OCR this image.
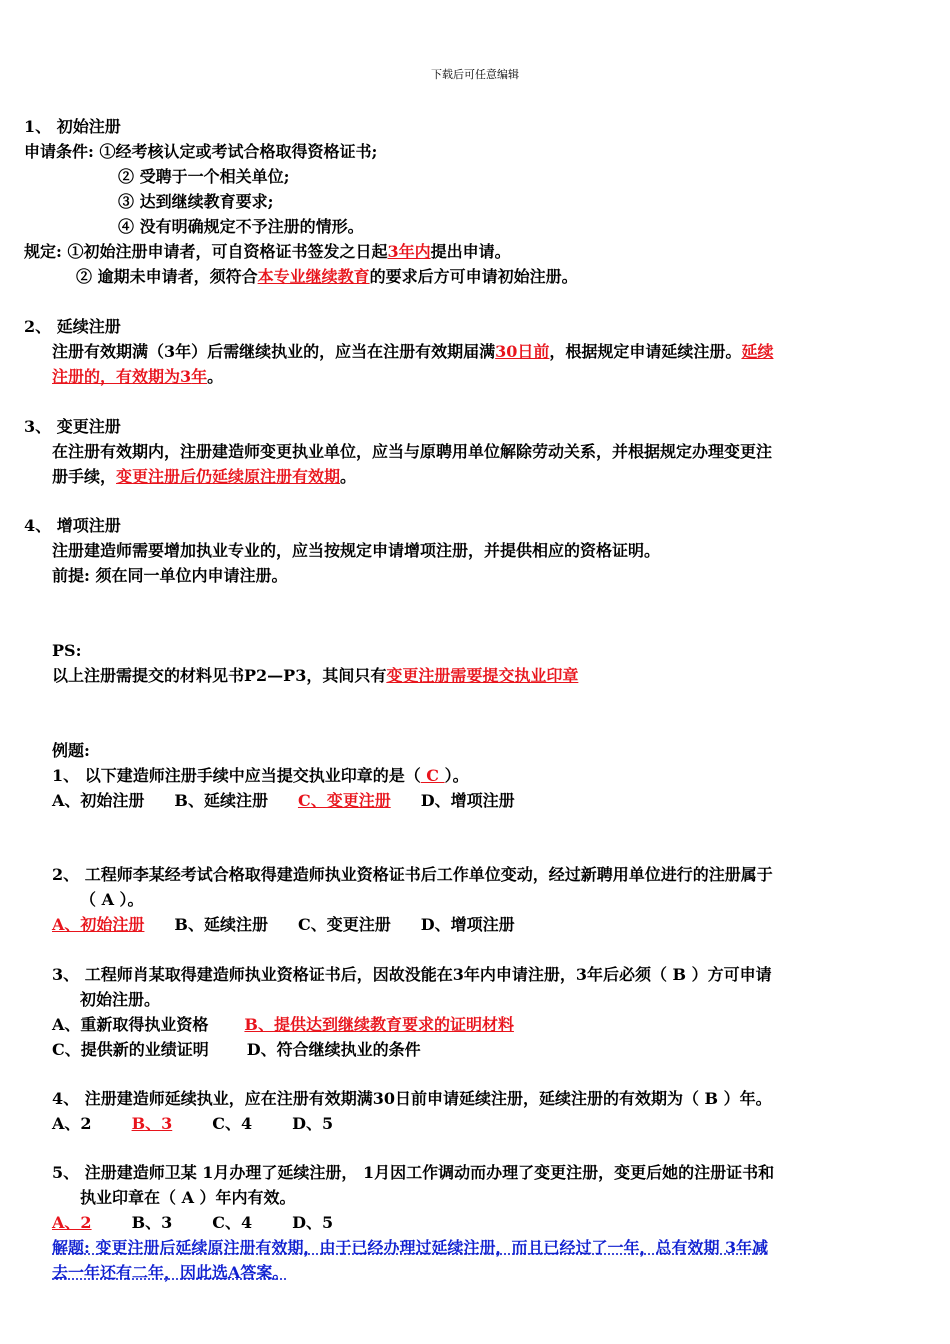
下载后可任意编辑
1、 初始注册
申请条件: ①经考核认定或考试合格取得资格证书;
② 受聘于一个相关单位;
③ 达到继续教育要求;
④ 没有明确规定不予注册的情形。
规定: ①初始注册申请者，可自资格证书签发之日起3年内提出申请。
② 逾期未申请者，须符合本专业继续教育的要求后方可申请初始注册。
2、 延续注册
注册有效期满（3年）后需继续执业的，应当在注册有效期届满30日前，根据规定申请延续注册。延续
注册的，有效期为3年。
3、 变更注册
在注册有效期内，注册建造师变更执业单位，应当与原聘用单位解除劳动关系，并根据规定办理变更注
册手续，变更注册后仍延续原注册有效期。
4、 增项注册
注册建造师需要增加执业专业的，应当按规定申请增项注册，并提供相应的资格证明。
前提: 须在同一单位内申请注册。
PS:
以上注册需提交的材料见书P2—P3，其间只有变更注册需要提交执业印章
例题:
1、 以下建造师注册手续中应当提交执业印章的是（ C ）。
A、初始注册 B、延续注册 C、变更注册 D、增项注册
2、 工程师李某经考试合格取得建造师执业资格证书后工作单位变动，经过新聘用单位进行的注册属于
（ A ）。
A、初始注册 B、延续注册 C、变更注册 D、增项注册
3、 工程师肖某取得建造师执业资格证书后，因故没能在3年内申请注册，3年后必须（ B ）方可申请
初始注册。
A、重新取得执业资格 B、提供达到继续教育要求的证明材料
C、提供新的业绩证明 D、符合继续执业的条件
4、 注册建造师延续执业，应在注册有效期满30日前申请延续注册，延续注册的有效期为（ B ）年。
A、2	B、3	C、4	D、5
5、 注册建造师卫某 1月办理了延续注册， 1月因工作调动而办理了变更注册，变更后她的注册证书和
执业印章在（ A ）年内有效。
A、2	B、3	C、4	D、5
解题: 变更注册后延续原注册有效期，由于已经办理过延续注册，而且已经过了一年，总有效期 3年减
去一年还有二年，因此选A答案。
